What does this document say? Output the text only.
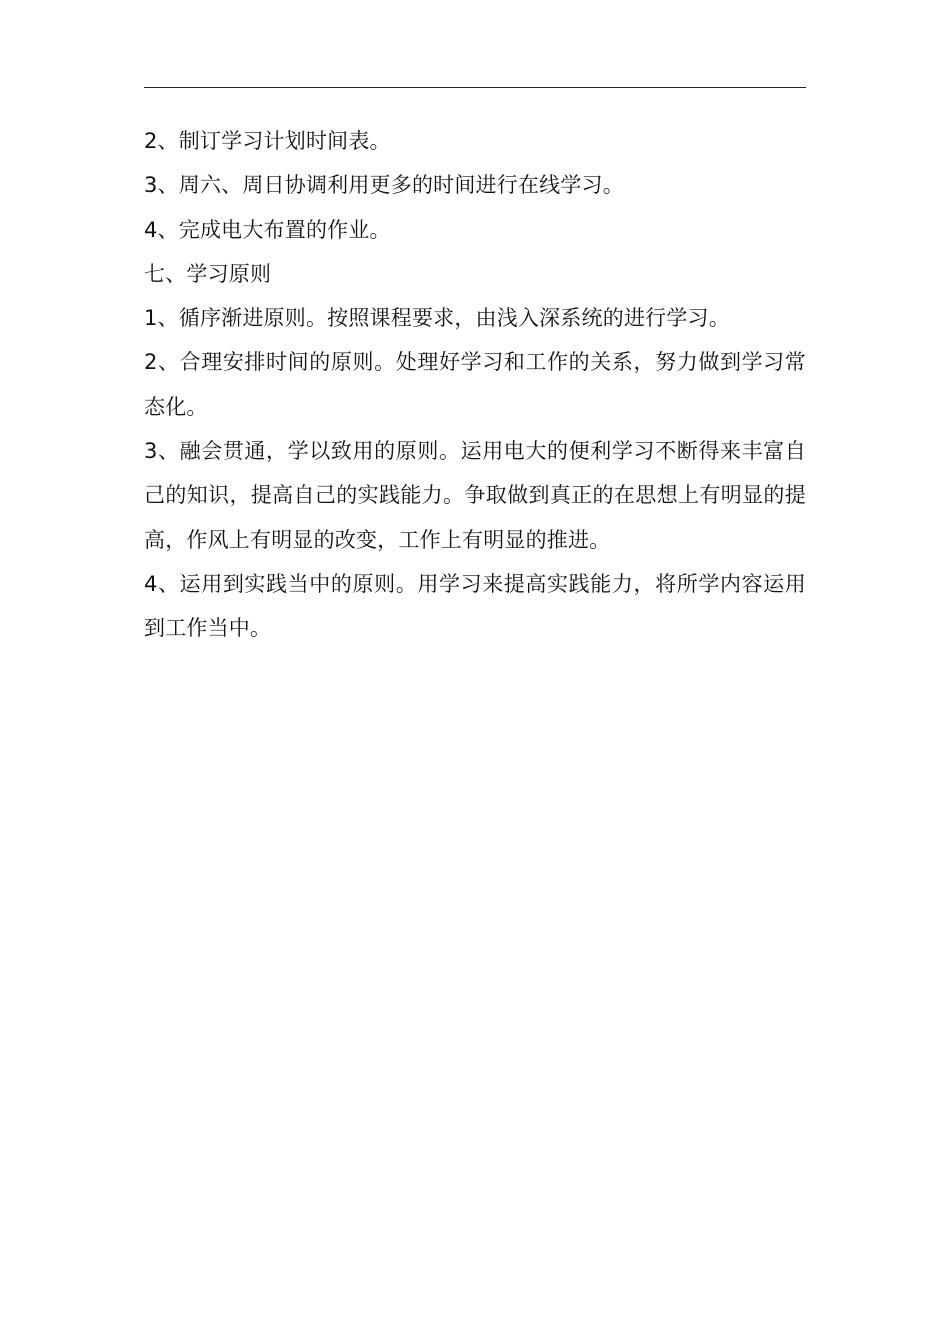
2、制订学习计划时间表。

3、周六、周日协调利用更多的时间进行在线学习。

4、完成电大布置的作业。

七、学习原则

1、循序渐进原则。按照课程要求，由浅入深系统的进行学习。

2、合理安排时间的原则。处理好学习和工作的关系，努力做到学习常态化。

3、融会贯通，学以致用的原则。运用电大的便利学习不断得来丰富自己的知识，提高自己的实践能力。争取做到真正的在思想上有明显的提高，作风上有明显的改变，工作上有明显的推进。

4、运用到实践当中的原则。用学习来提高实践能力，将所学内容运用到工作当中。
